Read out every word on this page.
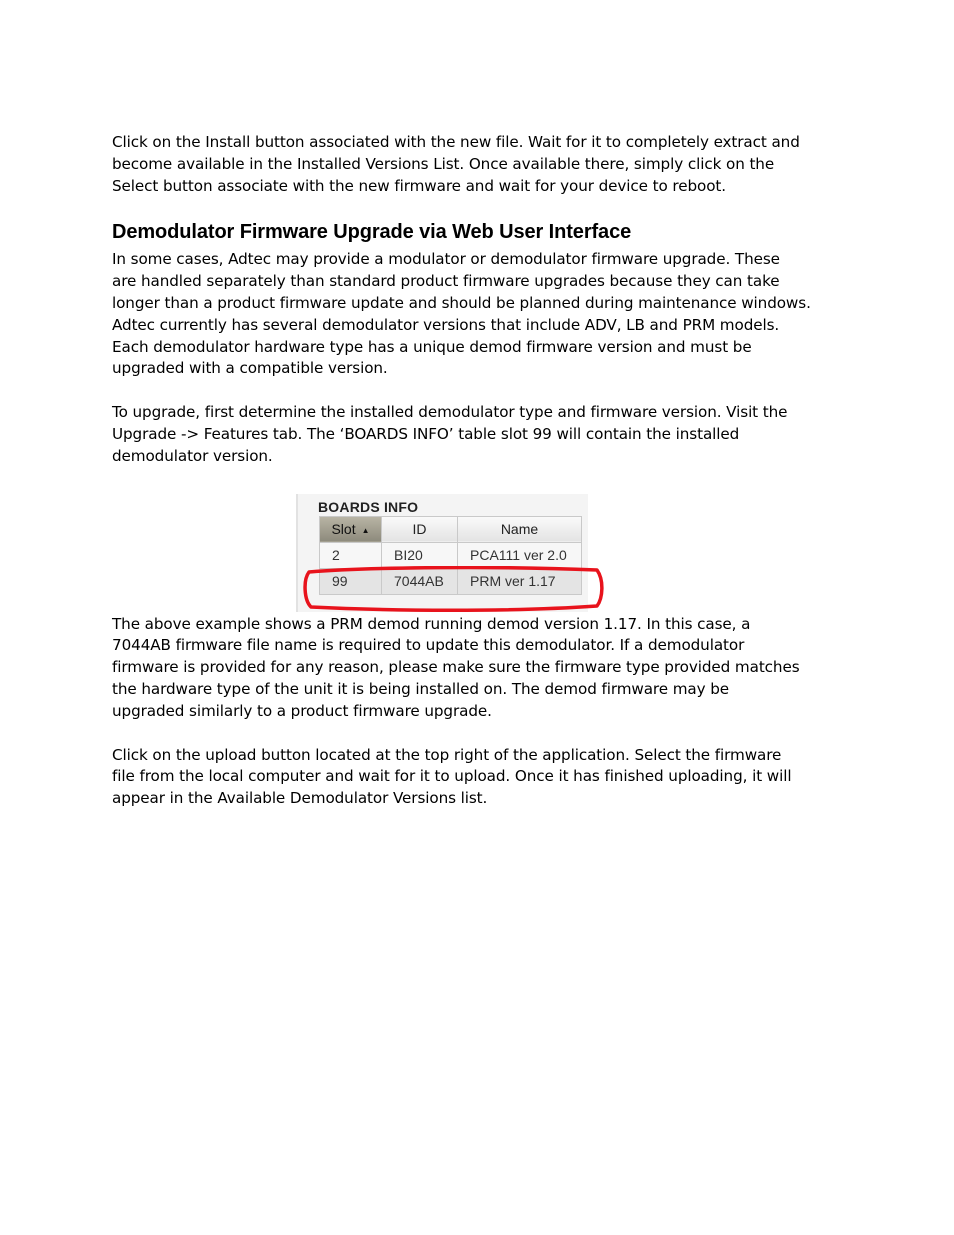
Click on the Install button associated with the new file. Wait for it to completely extract and
become available in the Installed Versions List. Once available there, simply click on the
Select button associate with the new firmware and wait for your device to reboot.

Demodulator Firmware Upgrade via Web User Interface

In some cases, Adtec may provide a modulator or demodulator firmware upgrade. These
are handled separately than standard product firmware upgrades because they can take
longer than a product firmware update and should be planned during maintenance windows.
Adtec currently has several demodulator versions that include ADV, LB and PRM models.
Each demodulator hardware type has a unique demod firmware version and must be
upgraded with a compatible version.

To upgrade, first determine the installed demodulator type and firmware version. Visit the
Upgrade -> Features tab. The ‘BOARDS INFO’ table slot 99 will contain the installed
demodulator version.

BOARDS INFO
Slot ▲	ID	Name
2	BI20	PCA111 ver 2.0
99	7044AB	PRM ver 1.17

The above example shows a PRM demod running demod version 1.17. In this case, a
7044AB firmware file name is required to update this demodulator. If a demodulator
firmware is provided for any reason, please make sure the firmware type provided matches
the hardware type of the unit it is being installed on. The demod firmware may be
upgraded similarly to a product firmware upgrade.

Click on the upload button located at the top right of the application. Select the firmware
file from the local computer and wait for it to upload. Once it has finished uploading, it will
appear in the Available Demodulator Versions list.
